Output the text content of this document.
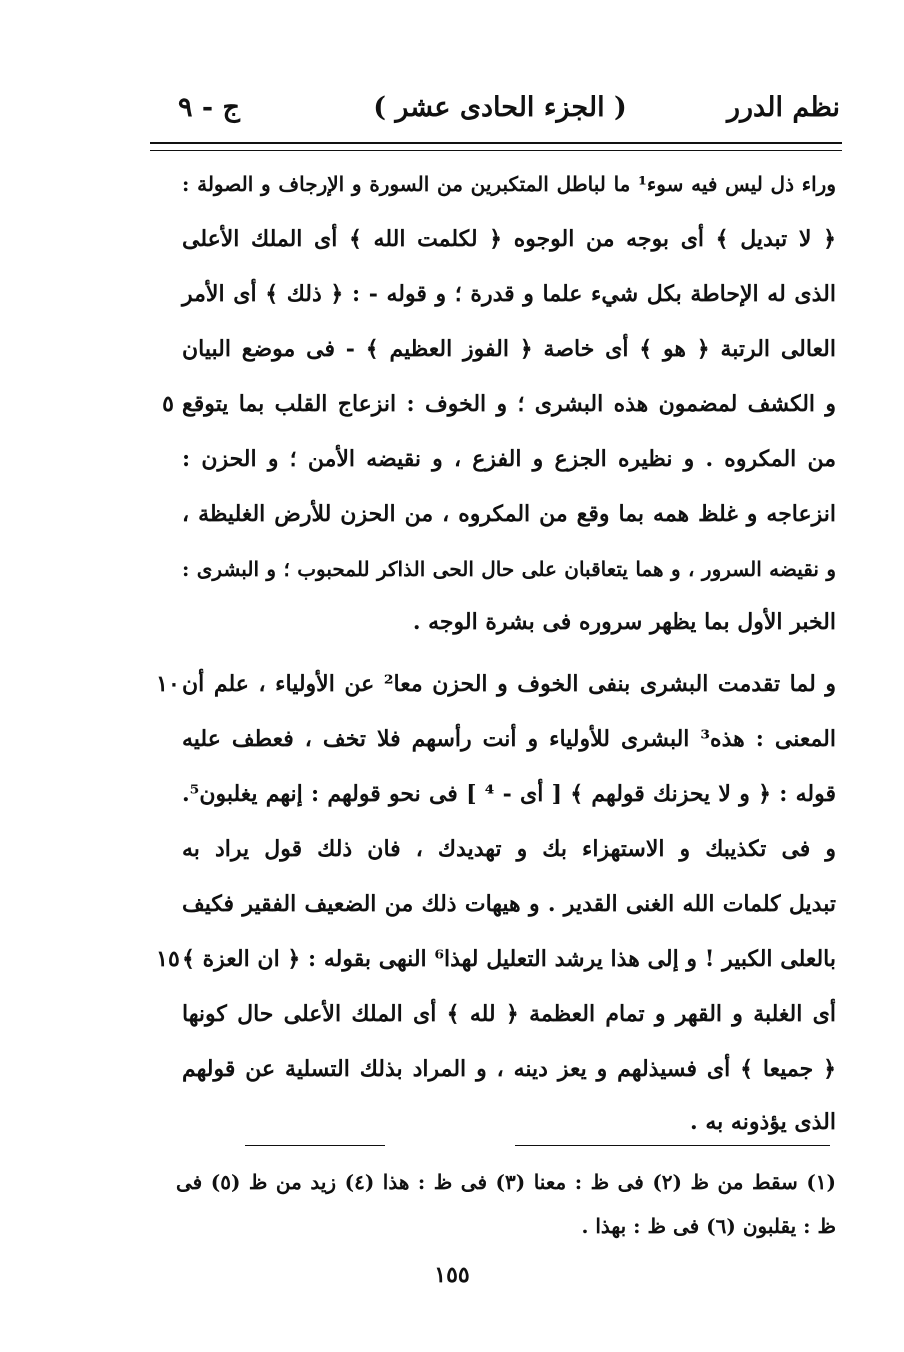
نظم الدرر
( الجزء الحادى عشر )
ج - ٩
وراء ذل ليس فيه سوء¹ ما لباطل المتكبرين من السورة و الإرجاف و الصولة :
﴿ لا تبديل ﴾ أى بوجه من الوجوه ﴿ لكلمت الله ﴾ أى الملك الأعلى
الذى له الإحاطة بكل شيء علما و قدرة ؛ و قوله - : ﴿ ذلك ﴾ أى الأمر
العالى الرتبة ﴿ هو ﴾ أى خاصة ﴿ الفوز العظيم ﴾ - فى موضع البيان
و الكشف لمضمون هذه البشرى ؛ و الخوف : انزعاج القلب بما يتوقع
من المكروه . و نظيره الجزع و الفزع ، و نقيضه الأمن ؛ و الحزن :
انزعاجه و غلظ همه بما وقع من المكروه ، من الحزن للأرض الغليظة ،
و نقيضه السرور ، و هما يتعاقبان على حال الحى الذاكر للمحبوب ؛ و البشرى :
الخبر الأول بما يظهر سروره فى بشرة الوجه .
و لما تقدمت البشرى بنفى الخوف و الحزن معا² عن الأولياء ، علم أن
المعنى : هذه³ البشرى للأولياء و أنت رأسهم فلا تخف ، فعطف عليه
قوله : ﴿ و لا يحزنك قولهم ﴾ [ أى - ⁴ ] فى نحو قولهم : إنهم يغلبون⁵.
و فى تكذيبك و الاستهزاء بك و تهديدك ، فان ذلك قول يراد به
تبديل كلمات الله الغنى القدير . و هيهات ذلك من الضعيف الفقير فكيف
بالعلى الكبير ! و إلى هذا يرشد التعليل لهذا⁶ النهى بقوله : ﴿ ان العزة ﴾
أى الغلبة و القهر و تمام العظمة ﴿ لله ﴾ أى الملك الأعلى حال كونها
﴿ جميعا ﴾ أى فسيذلهم و يعز دينه ، و المراد بذلك التسلية عن قولهم
الذى يؤذونه به .
٥
١٠
١٥
(١) سقط من ظ (٢) فى ظ : معنا (٣) فى ظ : هذا (٤) زيد من ظ (٥) فى
ظ : يقلبون (٦) فى ظ : بهذا .
١٥٥
